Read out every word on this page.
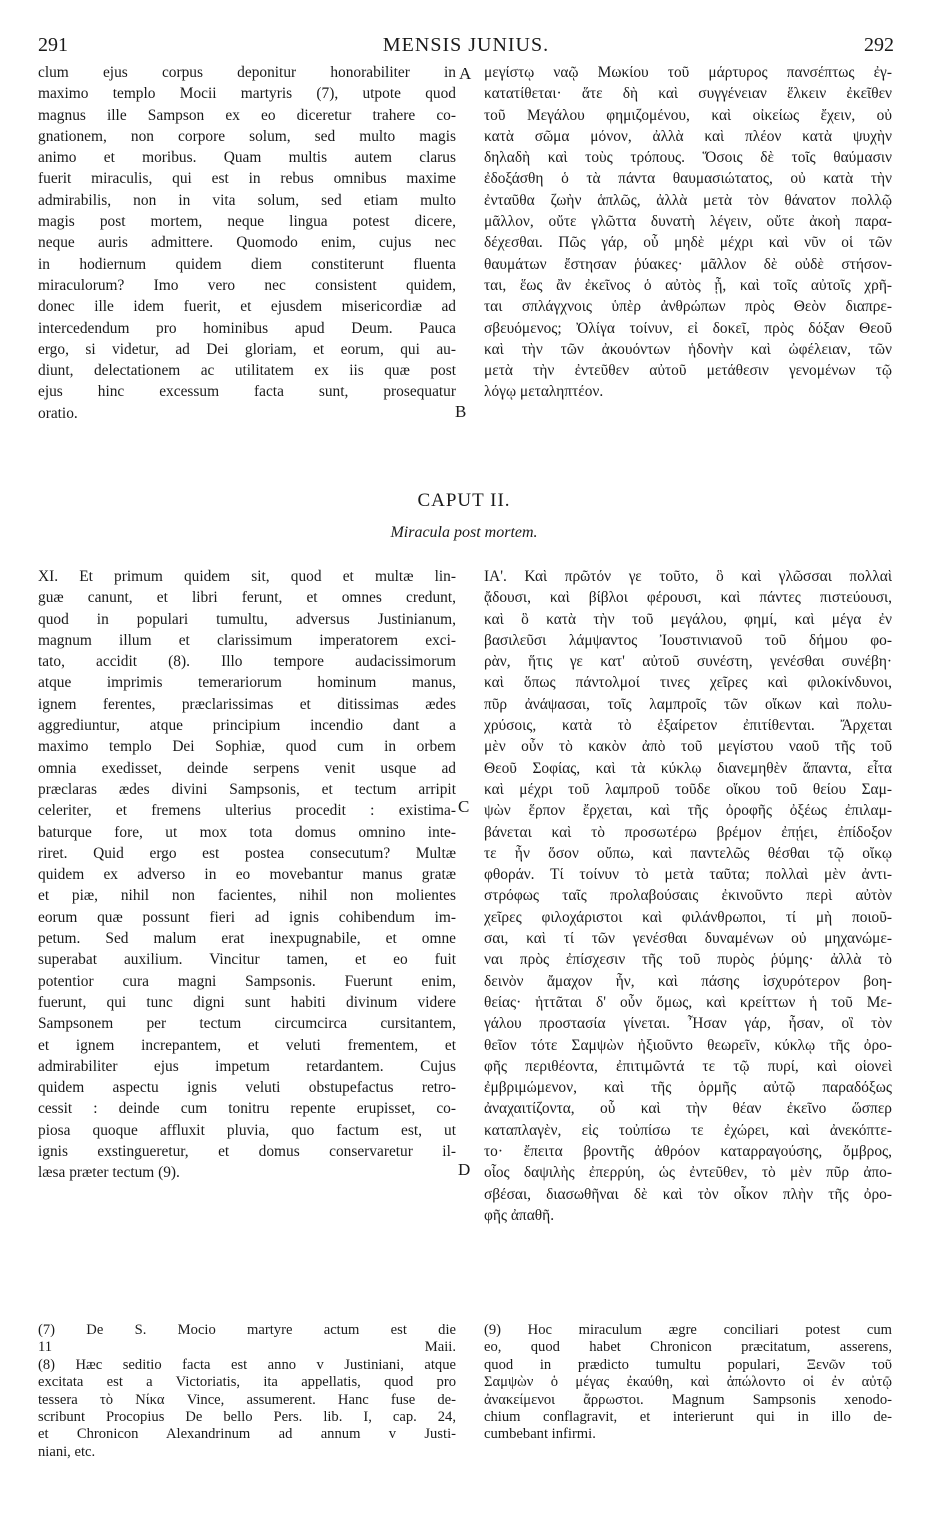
291	MENSIS JUNIUS.	292
clum ejus corpus deponitur honorabiliter in
maximo templo Mocii martyris (7), utpote quod
magnus ille Sampson ex eo diceretur trahere co-
gnationem, non corpore solum, sed multo magis
animo et moribus. Quam multis autem clarus
fuerit miraculis, qui est in rebus omnibus maxime
admirabilis, non in vita solum, sed etiam multo
magis post mortem, neque lingua potest dicere,
neque auris admittere. Quomodo enim, cujus nec
in hodiernum quidem diem constiterunt fluenta
miraculorum? Imo vero nec consistent quidem,
donec ille idem fuerit, et ejusdem misericordiæ ad
intercedendum pro hominibus apud Deum. Pauca
ergo, si videtur, ad Dei gloriam, et eorum, qui au-
diunt, delectationem ac utilitatem ex iis quæ post
ejus hinc excessum facta sunt, prosequatur
oratio.
μεγίστῳ ναῷ Μωκίου τοῦ μάρτυρος πανσέπτως ἐγ-
κατατίθεται· ἅτε δὴ καὶ συγγένειαν ἕλκειν ἐκεῖθεν
τοῦ Μεγάλου φημιζομένου, καὶ οἰκείως ἔχειν, οὐ
κατὰ σῶμα μόνον, ἀλλὰ καὶ πλέον κατὰ ψυχὴν
δηλαδὴ καὶ τοὺς τρόπους. Ὅσοις δὲ τοῖς θαύμασιν
ἐδοξάσθη ὁ τὰ πάντα θαυμασιώτατος, οὐ κατὰ τὴν
ἐνταῦθα ζωὴν ἁπλῶς, ἀλλὰ μετὰ τὸν θάνατον πολλῷ
μᾶλλον, οὔτε γλῶττα δυνατὴ λέγειν, οὔτε ἀκοὴ παρα-
δέχεσθαι. Πῶς γάρ, οὗ μηδὲ μέχρι καὶ νῦν οἱ τῶν
θαυμάτων ἔστησαν ῥύακες· μᾶλλον δὲ οὐδὲ στήσον-
ται, ἕως ἂν ἐκεῖνος ὁ αὐτὸς ᾖ, καὶ τοῖς αὐτοῖς χρῆ-
ται σπλάγχνοις ὑπὲρ ἀνθρώπων πρὸς Θεὸν διαπρε-
σβευόμενος; Ὀλίγα τοίνυν, εἰ δοκεῖ, πρὸς δόξαν Θεοῦ
καὶ τὴν τῶν ἀκουόντων ἡδονὴν καὶ ὠφέλειαν, τῶν
μετὰ τὴν ἐντεῦθεν αὐτοῦ μετάθεσιν γενομένων τῷ
λόγῳ μεταληπτέον.
A
B
CAPUT II.
Miracula post mortem.
XI. Et primum quidem sit, quod et multæ lin-
guæ canunt, et libri ferunt, et omnes credunt,
quod in populari tumultu, adversus Justinianum,
magnum illum et clarissimum imperatorem exci-
tato, accidit (8). Illo tempore audacissimorum
atque imprimis temerariorum hominum manus,
ignem ferentes, præclarissimas et ditissimas ædes
aggrediuntur, atque principium incendio dant a
maximo templo Dei Sophiæ, quod cum in orbem
omnia exedisset, deinde serpens venit usque ad
præclaras ædes divini Sampsonis, et tectum arripit
celeriter, et fremens ulterius procedit : existima-
baturque fore, ut mox tota domus omnino inte-
riret. Quid ergo est postea consecutum? Multæ
quidem ex adverso in eo movebantur manus gratæ
et piæ, nihil non facientes, nihil non molientes
eorum quæ possunt fieri ad ignis cohibendum im-
petum. Sed malum erat inexpugnabile, et omne
superabat auxilium. Vincitur tamen, et eo fuit
potentior cura magni Sampsonis. Fuerunt enim,
fuerunt, qui tunc digni sunt habiti divinum videre
Sampsonem per tectum circumcirca cursitantem,
et ignem increpantem, et veluti frementem, et
admirabiliter ejus impetum retardantem. Cujus
quidem aspectu ignis veluti obstupefactus retro-
cessit : deinde cum tonitru repente erupisset, co-
piosa quoque affluxit pluvia, quo factum est, ut
ignis exstingueretur, et domus conservaretur il-
læsa præter tectum (9).
ΙΑ'. Καὶ πρῶτόν γε τοῦτο, ὃ καὶ γλῶσσαι πολλαὶ
ᾄδουσι, καὶ βίβλοι φέρουσι, καὶ πάντες πιστεύουσι,
καὶ ὃ κατὰ τὴν τοῦ μεγάλου, φημί, καὶ μέγα ἐν
βασιλεῦσι λάμψαντος Ἰουστινιανοῦ τοῦ δήμου φο-
ρὰν, ἥτις γε κατ' αὐτοῦ συνέστη, γενέσθαι συνέβη·
καὶ ὅπως πάντολμοί τινες χεῖρες καὶ φιλοκίνδυνοι,
πῦρ ἀνάψασαι, τοῖς λαμπροῖς τῶν οἴκων καὶ πολυ-
χρύσοις, κατὰ τὸ ἐξαίρετον ἐπιτίθενται. Ἄρχεται
μὲν οὖν τὸ κακὸν ἀπὸ τοῦ μεγίστου ναοῦ τῆς τοῦ
Θεοῦ Σοφίας, καὶ τὰ κύκλῳ διανεμηθὲν ἅπαντα, εἶτα
καὶ μέχρι τοῦ λαμπροῦ τοῦδε οἴκου τοῦ θείου Σαμ-
ψὼν ἕρπον ἔρχεται, καὶ τῆς ὀροφῆς ὀξέως ἐπιλαμ-
βάνεται καὶ τὸ προσωτέρω βρέμον ἐπῄει, ἐπίδοξον
τε ἦν ὅσον οὔπω, καὶ παντελῶς θέσθαι τῷ οἴκῳ
φθοράν. Τί τοίνυν τὸ μετὰ ταῦτα; πολλαὶ μὲν ἀντι-
στρόφως ταῖς προλαβούσαις ἐκινοῦντο περὶ αὐτὸν
χεῖρες φιλοχάριστοι καὶ φιλάνθρωποι, τί μὴ ποιοῦ-
σαι, καὶ τί τῶν γενέσθαι δυναμένων οὐ μηχανώμε-
ναι πρὸς ἐπίσχεσιν τῆς τοῦ πυρὸς ῥύμης· ἀλλὰ τὸ
δεινὸν ἄμαχον ἦν, καὶ πάσης ἰσχυρότερον βοη-
θείας· ἡττᾶται δ' οὖν ὅμως, καὶ κρείττων ἡ τοῦ Με-
γάλου προστασία γίνεται. Ἦσαν γάρ, ἦσαν, οἳ τὸν
θεῖον τότε Σαμψὼν ἠξιοῦντο θεωρεῖν, κύκλῳ τῆς ὀρο-
φῆς περιθέοντα, ἐπιτιμῶντά τε τῷ πυρί, καὶ οἱονεὶ
ἐμβριμώμενον, καὶ τῆς ὁρμῆς αὐτῷ παραδόξως
ἀναχαιτίζοντα, οὗ καὶ τὴν θέαν ἐκεῖνο ὥσπερ
καταπλαγὲν, εἰς τοὐπίσω τε ἐχώρει, καὶ ἀνεκόπτε-
το· ἔπειτα βροντῆς ἀθρόον καταρραγούσης, ὄμβρος,
οἷος δαψιλὴς ἐπερρύη, ὡς ἐντεῦθεν, τὸ μὲν πῦρ ἀπο-
σβέσαι, διασωθῆναι δὲ καὶ τὸν οἶκον πλὴν τῆς ὀρο-
φῆς ἀπαθῆ.
C
D
(7) De S. Mocio martyre actum est die
11 Maii.
(8) Hæc seditio facta est anno v Justiniani, atque
excitata est a Victoriatis, ita appellatis, quod pro
tessera τὸ Νίκα Vince, assumerent. Hanc fuse de-
scribunt Procopius De bello Pers. lib. I, cap. 24,
et Chronicon Alexandrinum ad annum v Justi-
niani, etc.
(9) Hoc miraculum ægre conciliari potest cum
eo, quod habet Chronicon præcitatum, asserens,
quod in prædicto tumultu populari, Ξενῶν τοῦ
Σαμψὼν ὁ μέγας ἐκαύθη, καὶ ἀπώλοντο οἱ ἐν αὐτῷ
ἀνακείμενοι ἄρρωστοι. Magnum Sampsonis xenodo-
chium conflagravit, et interierunt qui in illo de-
cumbebant infirmi.
